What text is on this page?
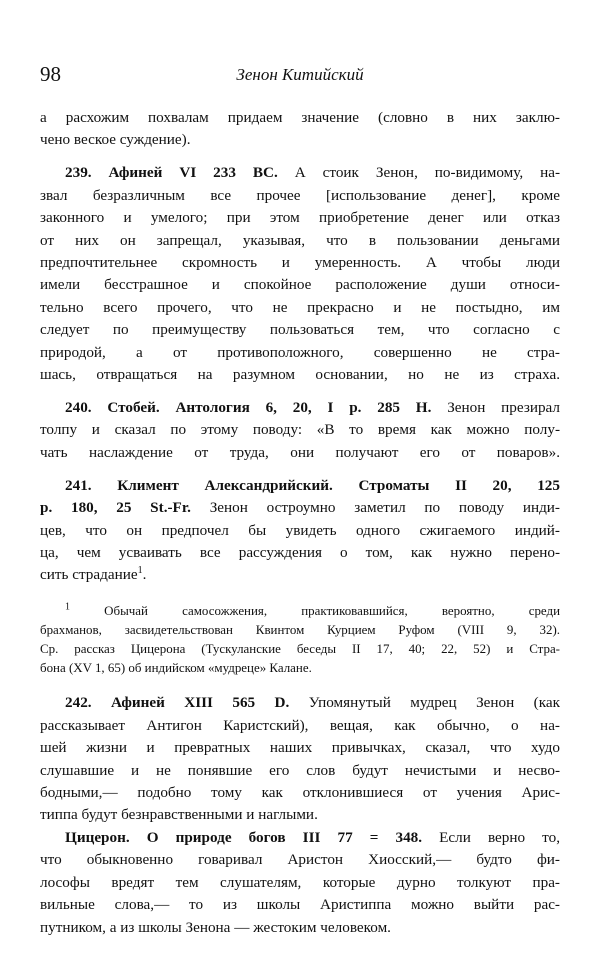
98	Зенон Китийский
а расхожим похвалам придаем значение (словно в них заклю-
чено веское суждение).
239. Афиней VI 233 BC. А стоик Зенон, по-видимому, на-
звал безразличным все прочее [использование денег], кроме
законного и умелого; при этом приобретение денег или отказ
от них он запрещал, указывая, что в пользовании деньгами
предпочтительнее скромность и умеренность. А чтобы люди
имели бесстрашное и спокойное расположение души относи-
тельно всего прочего, что не прекрасно и не постыдно, им
следует по преимуществу пользоваться тем, что согласно с
природой, а от противоположного, совершенно не стра-
шась, отвращаться на разумном основании, но не из страха.
240. Стобей. Антология 6, 20, I p. 285 H. Зенон презирал
толпу и сказал по этому поводу: «В то время как можно полу-
чать наслаждение от труда, они получают его от поваров».
241. Климент Александрийский. Строматы II 20, 125
p. 180, 25 St.-Fr. Зенон остроумно заметил по поводу инди-
цев, что он предпочел бы увидеть одного сжигаемого индий-
ца, чем усваивать все рассуждения о том, как нужно перено-
сить страдание$^1$.
$^1$ Обычай самосожжения, практиковавшийся, вероятно, среди
брахманов, засвидетельствован Квинтом Курцием Руфом (VIII 9, 32).
Ср. рассказ Цицерона (Тускуланские беседы II 17, 40; 22, 52) и Стра-
бона (XV 1, 65) об индийском «мудреце» Калане.
242. Афиней XIII 565 D. Упомянутый мудрец Зенон (как
рассказывает Антигон Каристский), вещая, как обычно, о на-
шей жизни и превратных наших привычках, сказал, что худо
слушавшие и не понявшие его слов будут нечистыми и несво-
бодными,— подобно тому как отклонившиеся от учения Арис-
типпа будут безнравственными и наглыми.
Цицерон. О природе богов III 77 = 348. Если верно то,
что обыкновенно говаривал Аристон Хиосский,— будто фи-
лософы вредят тем слушателям, которые дурно толкуют пра-
вильные слова,— то из школы Аристиппа можно выйти рас-
путником, а из школы Зенона — жестоким человеком.
